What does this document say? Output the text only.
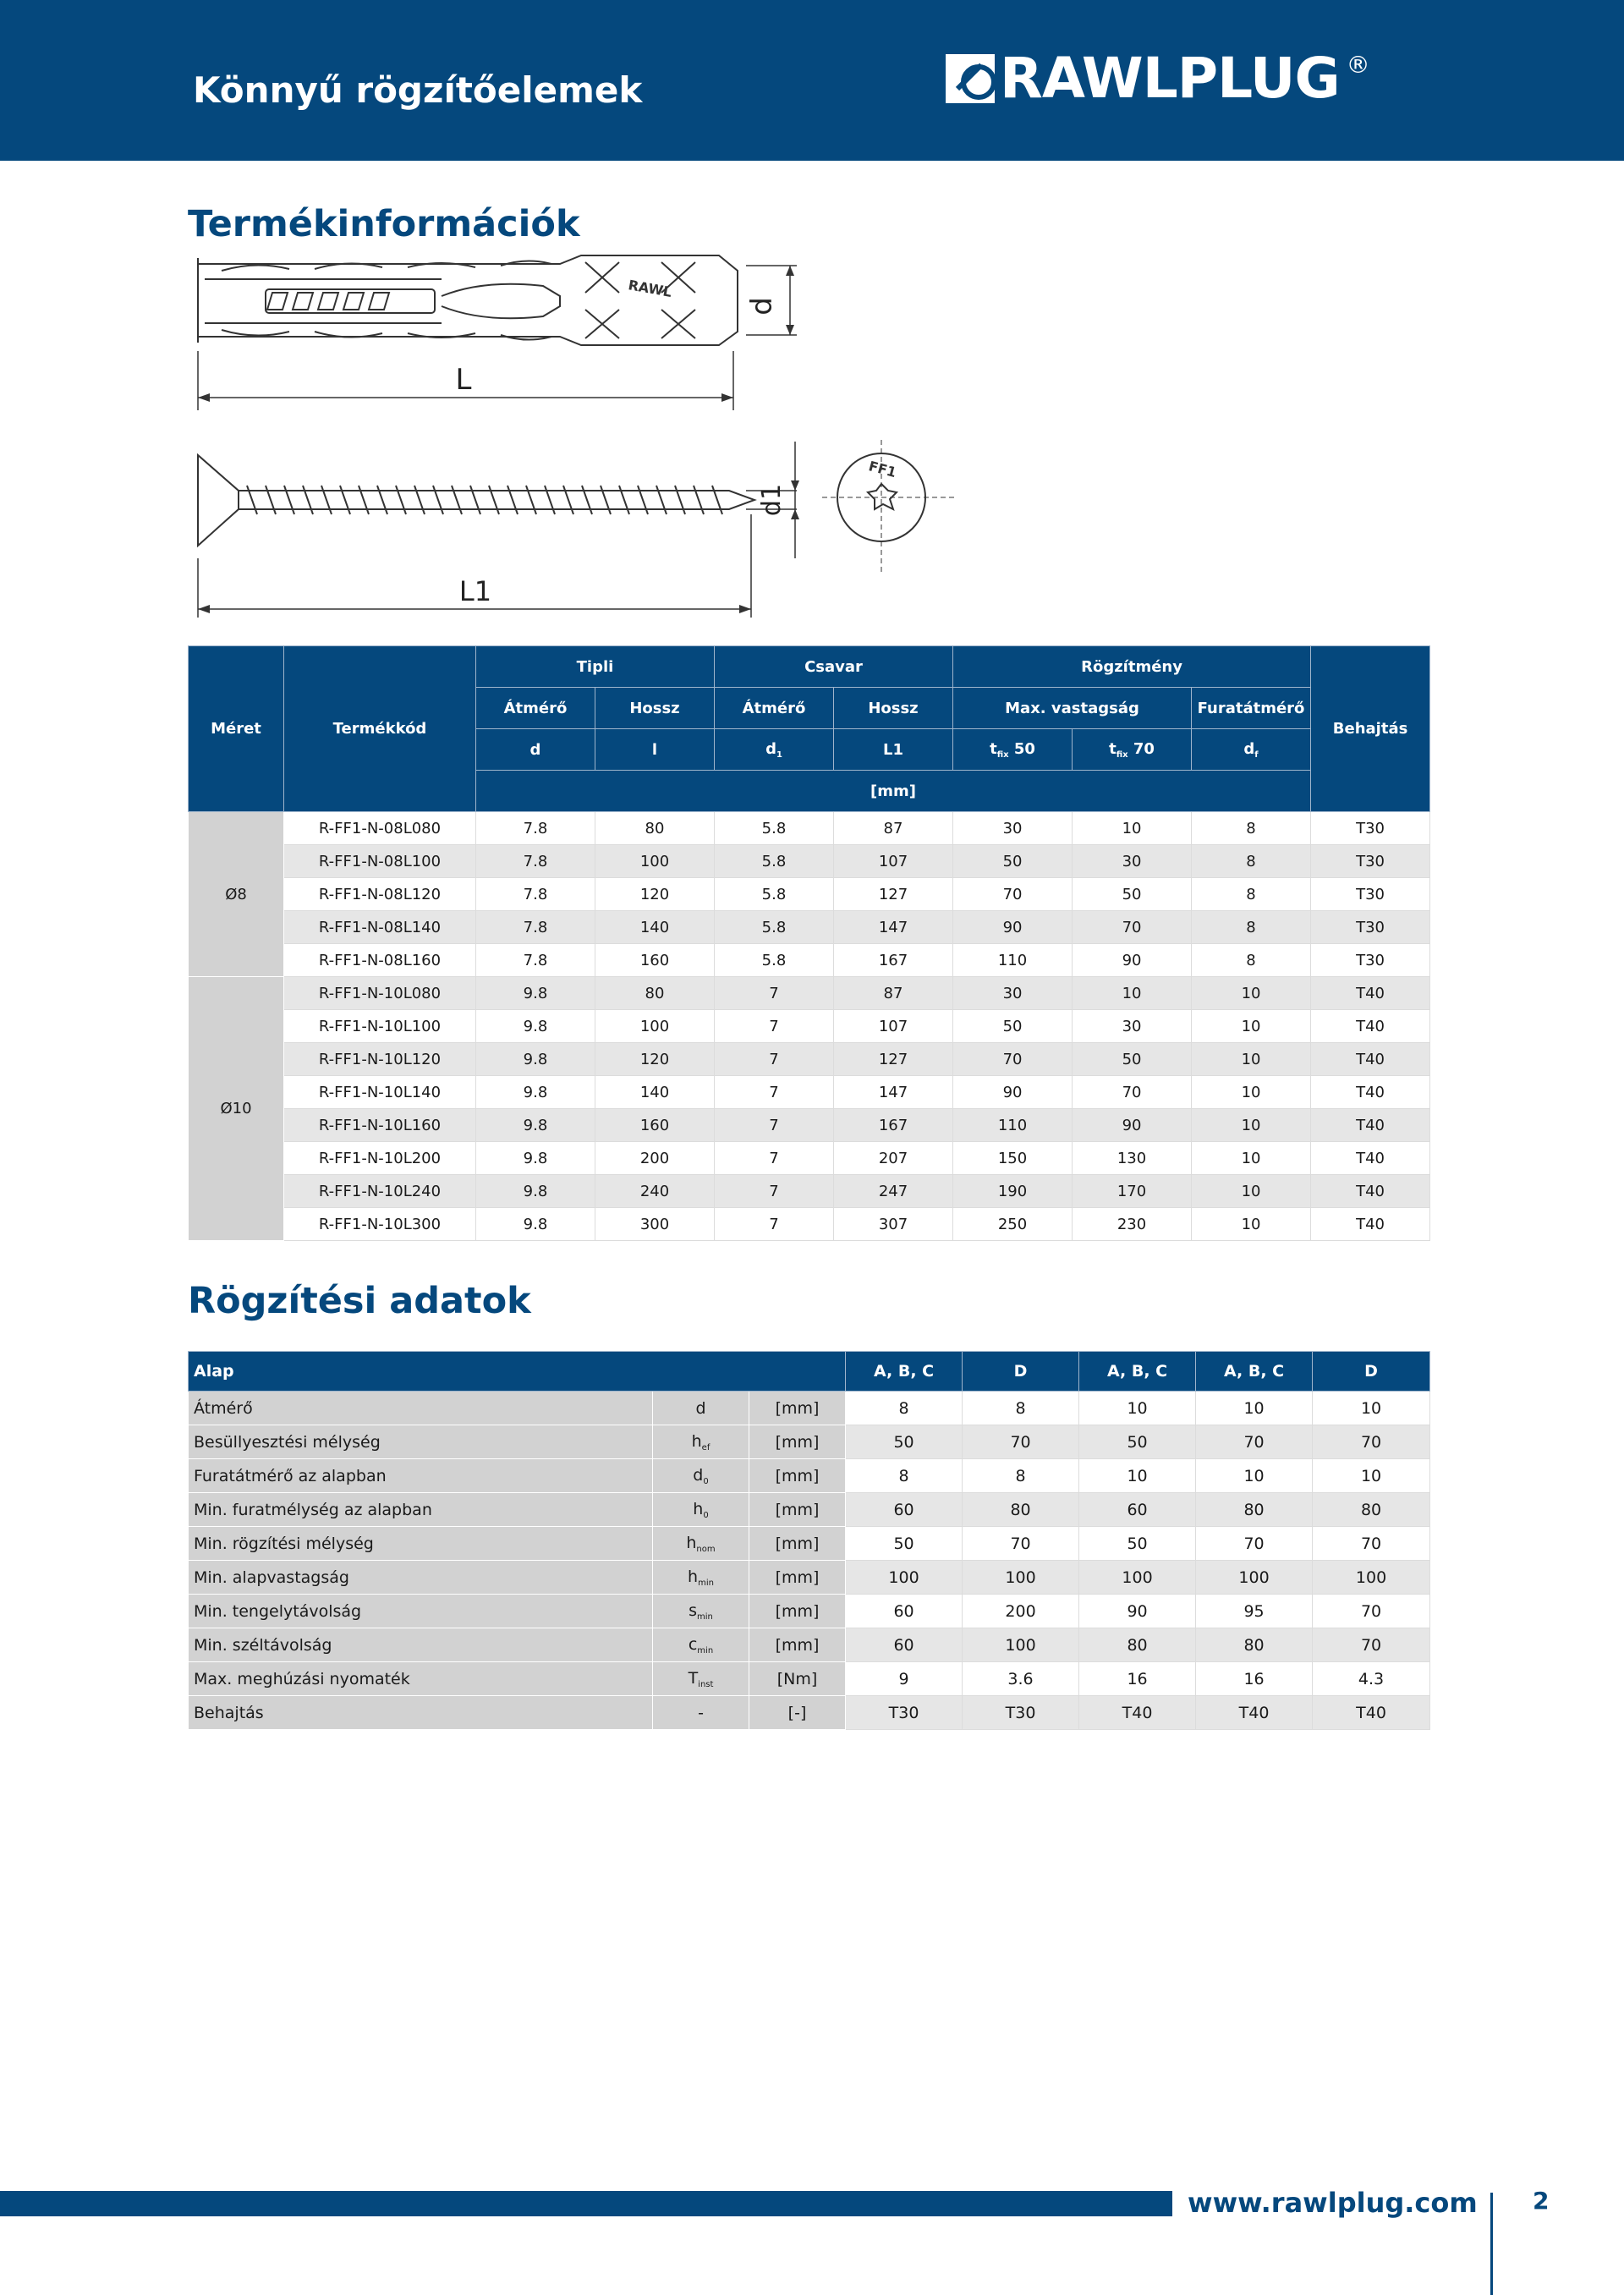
Könnyű rögzítőelemek	RAWLPLUG ®
Termékinformációk
RAWL
d
L
d1
L1
FF1
Méret	Termékkód	Tipli		Csavar		Rögzítmény			Behajtás
		Átmérő	Hossz	Átmérő	Hossz	Max. vastagság		Furatátmérő	
		d	l	$d_1$	L1	$t_{fix}$ 50	$t_{fix}$ 70	$d_f$
		[mm]							
Ø8	R-FF1-N-08L080	7.8	80	5.8	87	30	10	8	T30
	R-FF1-N-08L100	7.8	100	5.8	107	50	30	8	T30
	R-FF1-N-08L120	7.8	120	5.8	127	70	50	8	T30
	R-FF1-N-08L140	7.8	140	5.8	147	90	70	8	T30
	R-FF1-N-08L160	7.8	160	5.8	167	110	90	8	T30
Ø10	R-FF1-N-10L080	9.8	80	7	87	30	10	10	T40
	R-FF1-N-10L100	9.8	100	7	107	50	30	10	T40
	R-FF1-N-10L120	9.8	120	7	127	70	50	10	T40
	R-FF1-N-10L140	9.8	140	7	147	90	70	10	T40
	R-FF1-N-10L160	9.8	160	7	167	110	90	10	T40
	R-FF1-N-10L200	9.8	200	7	207	150	130	10	T40
	R-FF1-N-10L240	9.8	240	7	247	190	170	10	T40
	R-FF1-N-10L300	9.8	300	7	307	250	230	10	T40
Rögzítési adatok
Alap			A, B, C	D	A, B, C	A, B, C	D
Átmérő	d	[mm]	8	8	10	10	10
Besüllyesztési mélység	$h_{ef}$	[mm]	50	70	50	70	70
Furatátmérő az alapban	$d_0$	[mm]	8	8	10	10	10
Min. furatmélység az alapban	$h_0$	[mm]	60	80	60	80	80
Min. rögzítési mélység	$h_{nom}$	[mm]	50	70	50	70	70
Min. alapvastagság	$h_{min}$	[mm]	100	100	100	100	100
Min. tengelytávolság	$s_{min}$	[mm]	60	200	90	95	70
Min. széltávolság	$c_{min}$	[mm]	60	100	80	80	70
Max. meghúzási nyomaték	$T_{inst}$	[Nm]	9	3.6	16	16	4.3
Behajtás	-	[-]	T30	T30	T40	T40	T40
www.rawlplug.com 2
